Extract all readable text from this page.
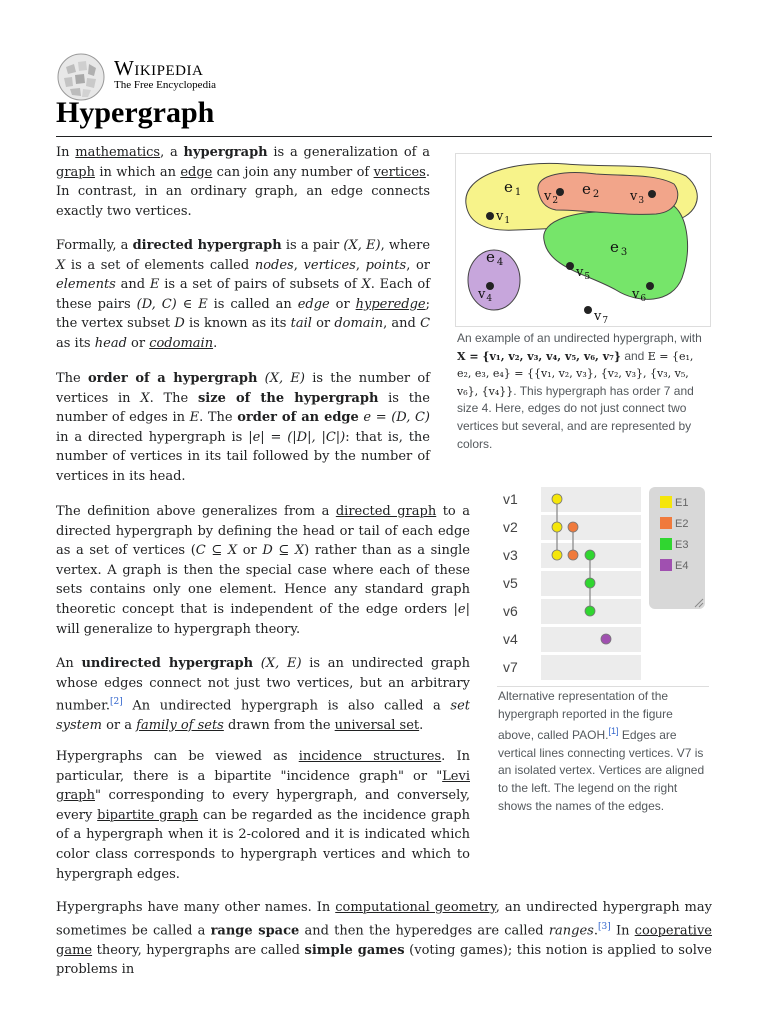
Wikipedia
The Free Encyclopedia
Hypergraph

In mathematics, a hypergraph is a generalization of a graph in which an edge can join any number of vertices. In contrast, in an ordinary graph, an edge connects exactly two vertices.

Formally, a directed hypergraph is a pair (X, E), where X is a set of elements called nodes, vertices, points, or elements and E is a set of pairs of subsets of X. Each of these pairs (D, C) ∈ E is called an edge or hyperedge; the vertex subset D is known as its tail or domain, and C as its head or codomain.

The order of a hypergraph (X, E) is the number of vertices in X. The size of the hypergraph is the number of edges in E. The order of an edge e = (D, C) in a directed hypergraph is |e| = (|D|, |C|): that is, the number of vertices in its tail followed by the number of vertices in its head.

The definition above generalizes from a directed graph to a directed hypergraph by defining the head or tail of each edge as a set of vertices (C ⊆ X or D ⊆ X) rather than as a single vertex. A graph is then the special case where each of these sets contains only one element. Hence any standard graph theoretic concept that is independent of the edge orders |e| will generalize to hypergraph theory.

An undirected hypergraph (X, E) is an undirected graph whose edges connect not just two vertices, but an arbitrary number.[2] An undirected hypergraph is also called a set system or a family of sets drawn from the universal set.

Hypergraphs can be viewed as incidence structures. In particular, there is a bipartite "incidence graph" or "Levi graph" corresponding to every hypergraph, and conversely, every bipartite graph can be regarded as the incidence graph of a hypergraph when it is 2-colored and it is indicated which color class corresponds to hypergraph vertices and which to hypergraph edges.

Hypergraphs have many other names. In computational geometry, an undirected hypergraph may sometimes be called a range space and then the hyperedges are called ranges.[3] In cooperative game theory, hypergraphs are called simple games (voting games); this notion is applied to solve problems in

e $_1$	e $_2$
e $_3$
e $_4$
$v_1$
$v_2$	$v_3$
$v_4$
$v_5$
$v_6$
$v_7$

An example of an undirected hypergraph, with X = {v₁, v₂, v₃, v₄, v₅, v₆, v₇} and E = {e₁, e₂, e₃, e₄} = {{v₁, v₂, v₃}, {v₂, v₃}, {v₃, v₅, v₆}, {v₄}}. This hypergraph has order 7 and size 4. Here, edges do not just connect two vertices but several, and are represented by colors.

v1
v2
v3
v5
v6
v4
v7
E1
E2
E3
E4

Alternative representation of the hypergraph reported in the figure above, called PAOH.[1] Edges are vertical lines connecting vertices. V7 is an isolated vertex. Vertices are aligned to the left. The legend on the right shows the names of the edges.
